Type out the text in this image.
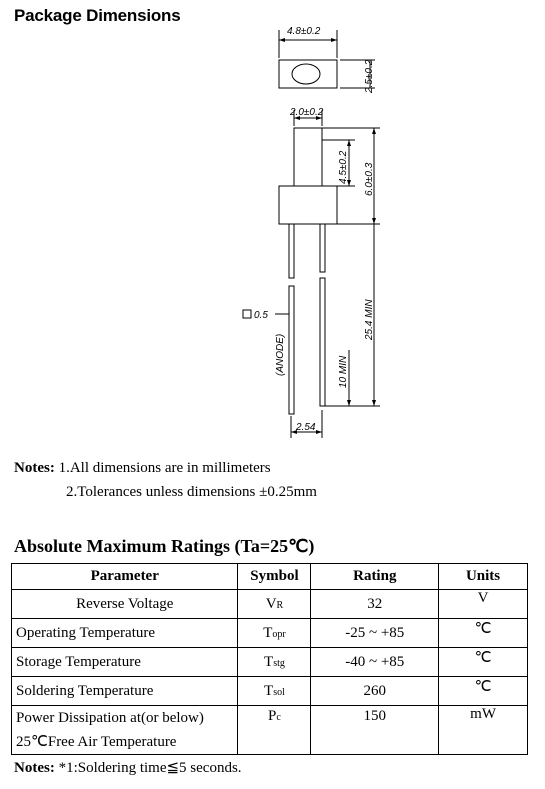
Package Dimensions
4.8±0.2
2.5±0.2
2.0±0.2
4.5±0.2 6.0±0.3
0.5	25.4 MIN
(ANODE)	10 MIN
2.54
Notes: 1.All dimensions are in millimeters
2.Tolerances unless dimensions ±0.25mm
Absolute Maximum Ratings (Ta=25℃)
Parameter	Symbol	Rating	Units
Reverse Voltage	VR	32	V
Operating Temperature	Topr	-25 ~ +85	℃
Storage Temperature	Tstg	-40 ~ +85	℃
Soldering Temperature	Tsol	260	℃
Power Dissipation at(or below)
25℃Free Air Temperature	Pc	150	mW
Notes: *1:Soldering time≦5 seconds.
